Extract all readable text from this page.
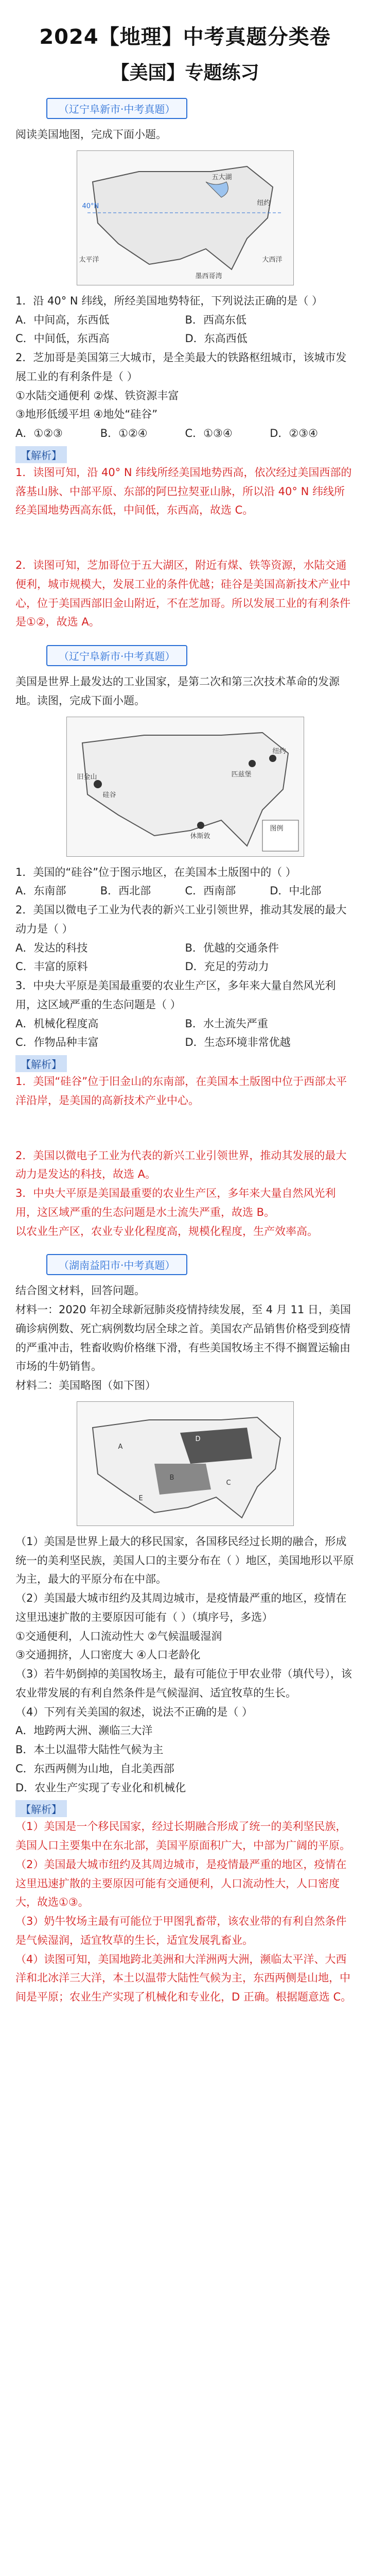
2024【地理】中考真题分类卷
【美国】专题练习
（辽宁阜新市·中考真题）

阅读美国地图，完成下面小题。

五大湖
纽约
40°N
墨西哥湾
太平洋	大西洋

1．沿 40° N 纬线，所经美国地势特征，下列说法正确的是（ ）

A．中间高，东西低	B．西高东低
C．中间低，东西高	D．东高西低

2．芝加哥是美国第三大城市，是全美最大的铁路枢纽城市，该城市发展工业的有利条件是（ ）

①水陆交通便利 ②煤、铁资源丰富

③地形低缓平坦 ④地处“硅谷”

A．①②③	B．①②④	C．①③④	D．②③④
【解析】

1．读图可知，沿 40° N 纬线所经美国地势西高，依次经过美国西部的落基山脉、中部平原、东部的阿巴拉契亚山脉，所以沿 40° N 纬线所经美国地势西高东低，中间低，东西高，故选 C。

2．读图可知，芝加哥位于五大湖区，附近有煤、铁等资源，水陆交通便利，城市规模大，发展工业的条件优越；硅谷是美国高新技术产业中心，位于美国西部旧金山附近，不在芝加哥。所以发展工业的有利条件是①②，故选 A。

（辽宁阜新市·中考真题）

美国是世界上最发达的工业国家，是第二次和第三次技术革命的发源地。读图，完成下面小题。

旧金山
硅谷
休斯敦
匹兹堡
纽约
图例

1．美国的“硅谷”位于图示地区，在美国本土版图中的（ ）

A．东南部	B．西北部	C．西南部	D．中北部

2．美国以微电子工业为代表的新兴工业引领世界，推动其发展的最大动力是（ ）

A．发达的科技	B．优越的交通条件
C．丰富的原料	D．充足的劳动力

3．中央大平原是美国最重要的农业生产区，多年来大量自然风光利用，这区域严重的生态问题是（ ）

A．机械化程度高	B．水土流失严重
C．作物品种丰富	D．生态环境非常优越
【解析】

1．美国“硅谷”位于旧金山的东南部，在美国本土版图中位于西部太平洋沿岸，是美国的高新技术产业中心。

2．美国以微电子工业为代表的新兴工业引领世界，推动其发展的最大动力是发达的科技，故选 A。

3．中央大平原是美国最重要的农业生产区，多年来大量自然风光利用，这区域严重的生态问题是水土流失严重，故选 B。

以农业生产区，农业专业化程度高，规模化程度，生产效率高。

（湖南益阳市·中考真题）

结合图文材料，回答问题。

材料一：2020 年初全球新冠肺炎疫情持续发展，至 4 月 11 日，美国确诊病例数、死亡病例数均居全球之首。美国农产品销售价格受到疫情的严重冲击，牲畜收购价格继下滑，有些美国牧场主不得不搁置运输由市场的牛奶销售。

材料二：美国略图（如下图）

A
B
C
D
E

（1）美国是世界上最大的移民国家，各国移民经过长期的融合，形成统一的美利坚民族，美国人口的主要分布在（ ）地区，美国地形以平原为主，最大的平原分布在中部。

（2）美国最大城市纽约及其周边城市，是疫情最严重的地区，疫情在这里迅速扩散的主要原因可能有（ ）（填序号，多选）

①交通便利，人口流动性大 ②气候温暖湿润

③交通拥挤，人口密度大 ④人口老龄化

（3）若牛奶倒掉的美国牧场主，最有可能位于甲农业带（填代号），该农业带发展的有利自然条件是气候湿润、适宜牧草的生长。

（4）下列有关美国的叙述，说法不正确的是（ ）

A．地跨两大洲、濒临三大洋

B．本土以温带大陆性气候为主

C．东西两侧为山地，自北美西部

D．农业生产实现了专业化和机械化

【解析】

（1）美国是一个移民国家，经过长期融合形成了统一的美利坚民族，美国人口主要集中在东北部，美国平原面积广大，中部为广阔的平原。

（2）美国最大城市纽约及其周边城市，是疫情最严重的地区，疫情在这里迅速扩散的主要原因可能有交通便利，人口流动性大，人口密度大，故选①③。

（3）奶牛牧场主最有可能位于甲图乳畜带，该农业带的有利自然条件是气候湿润，适宜牧草的生长，适宜发展乳畜业。

（4）读图可知，美国地跨北美洲和大洋洲两大洲，濒临太平洋、大西洋和北冰洋三大洋，本土以温带大陆性气候为主，东西两侧是山地，中间是平原；农业生产实现了机械化和专业化，D 正确。根据题意选 C。
